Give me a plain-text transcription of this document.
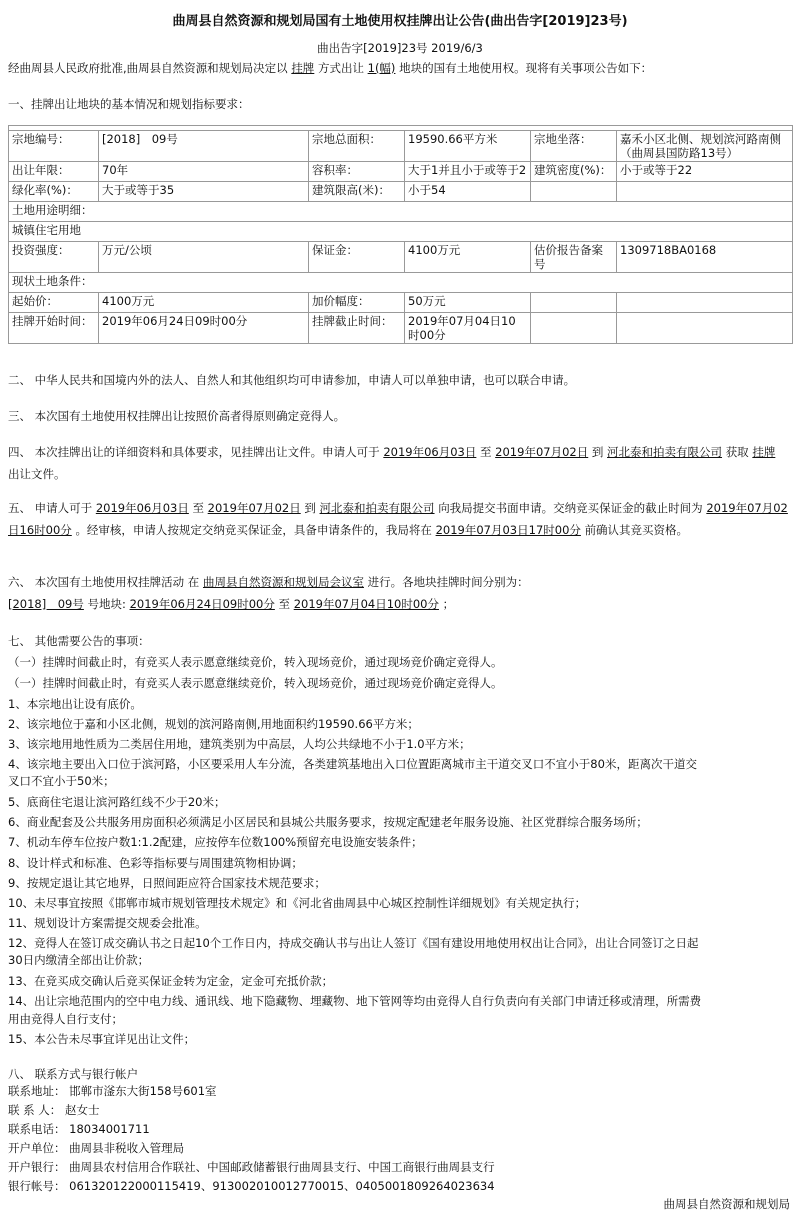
曲周县自然资源和规划局国有土地使用权挂牌出让公告(曲出告字[2019]23号)
曲出告字[2019]23号 2019/6/3
经曲周县人民政府批准,曲周县自然资源和规划局决定以 挂牌 方式出让 1(幅) 地块的国有土地使用权。现将有关事项公告如下：
一、挂牌出让地块的基本情况和规划指标要求：

宗地编号：	[2018]　09号	宗地总面积：	19590.66平方米	宗地坐落：	嘉禾小区北侧、规划滨河路南侧（曲周县国防路13号）
出让年限：	70年	容积率：	大于1并且小于或等于2	建筑密度(%)：	小于或等于22
绿化率(%)：	大于或等于35	建筑限高(米)：	小于54		
土地用途明细：					
城镇住宅用地					
投资强度：	万元/公顷	保证金：	4100万元	估价报告备案号	1309718BA0168
现状土地条件：					
起始价：	4100万元	加价幅度：	50万元		
挂牌开始时间：	2019年06月24日09时00分	挂牌截止时间：	2019年07月04日10时00分		
二、 中华人民共和国境内外的法人、自然人和其他组织均可申请参加，申请人可以单独申请，也可以联合申请。
三、 本次国有土地使用权挂牌出让按照价高者得原则确定竞得人。
四、 本次挂牌出让的详细资料和具体要求，见挂牌出让文件。申请人可于 2019年06月03日 至 2019年07月02日 到 河北泰和拍卖有限公司 获取 挂牌 出让文件。
五、 申请人可于 2019年06月03日 至 2019年07月02日 到 河北泰和拍卖有限公司 向我局提交书面申请。交纳竞买保证金的截止时间为 2019年07月02日16时00分 。经审核，申请人按规定交纳竞买保证金，具备申请条件的，我局将在 2019年07月03日17时00分 前确认其竞买资格。
六、 本次国有土地使用权挂牌活动 在 曲周县自然资源和规划局会议室 进行。各地块挂牌时间分别为：
[2018]　09号 号地块: 2019年06月24日09时00分 至 2019年07月04日10时00分 ；
七、 其他需要公告的事项：
（一）挂牌时间截止时，有竞买人表示愿意继续竞价，转入现场竞价，通过现场竞价确定竞得人。
（一）挂牌时间截止时，有竞买人表示愿意继续竞价，转入现场竞价，通过现场竞价确定竞得人。
1、本宗地出让设有底价。
2、该宗地位于嘉和小区北侧，规划的滨河路南侧,用地面积约19590.66平方米；
3、该宗地用地性质为二类居住用地，建筑类别为中高层，人均公共绿地不小于1.0平方米；
4、该宗地主要出入口位于滨河路，小区要采用人车分流，各类建筑基地出入口位置距离城市主干道交叉口不宜小于80米，距离次干道交
叉口不宜小于50米；
5、底商住宅退让滨河路红线不少于20米；
6、商业配套及公共服务用房面积必须满足小区居民和县城公共服务要求，按规定配建老年服务设施、社区党群综合服务场所；
7、机动车停车位按户数1:1.2配建，应按停车位数100%预留充电设施安装条件；
8、设计样式和标准、色彩等指标要与周围建筑物相协调；
9、按规定退让其它地界，日照间距应符合国家技术规范要求；
10、未尽事宜按照《邯郸市城市规划管理技术规定》和《河北省曲周县中心城区控制性详细规划》有关规定执行；
11、规划设计方案需提交规委会批准。
12、竞得人在签订成交确认书之日起10个工作日内，持成交确认书与出让人签订《国有建设用地使用权出让合同》，出让合同签订之日起
30日内缴清全部出让价款；
13、在竞买成交确认后竞买保证金转为定金，定金可充抵价款；
14、出让宗地范围内的空中电力线、通讯线、地下隐藏物、埋藏物、地下管网等均由竞得人自行负责向有关部门申请迁移或清理，所需费
用由竞得人自行支付；
15、本公告未尽事宜详见出让文件；
八、 联系方式与银行帐户
联系地址： 邯郸市滏东大街158号601室
联 系 人： 赵女士
联系电话： 18034001711
开户单位： 曲周县非税收入管理局
开户银行： 曲周县农村信用合作联社、中国邮政储蓄银行曲周县支行、中国工商银行曲周县支行
银行帐号： 061320122000115419、913002010012770015、0405001809264023634
曲周县自然资源和规划局
